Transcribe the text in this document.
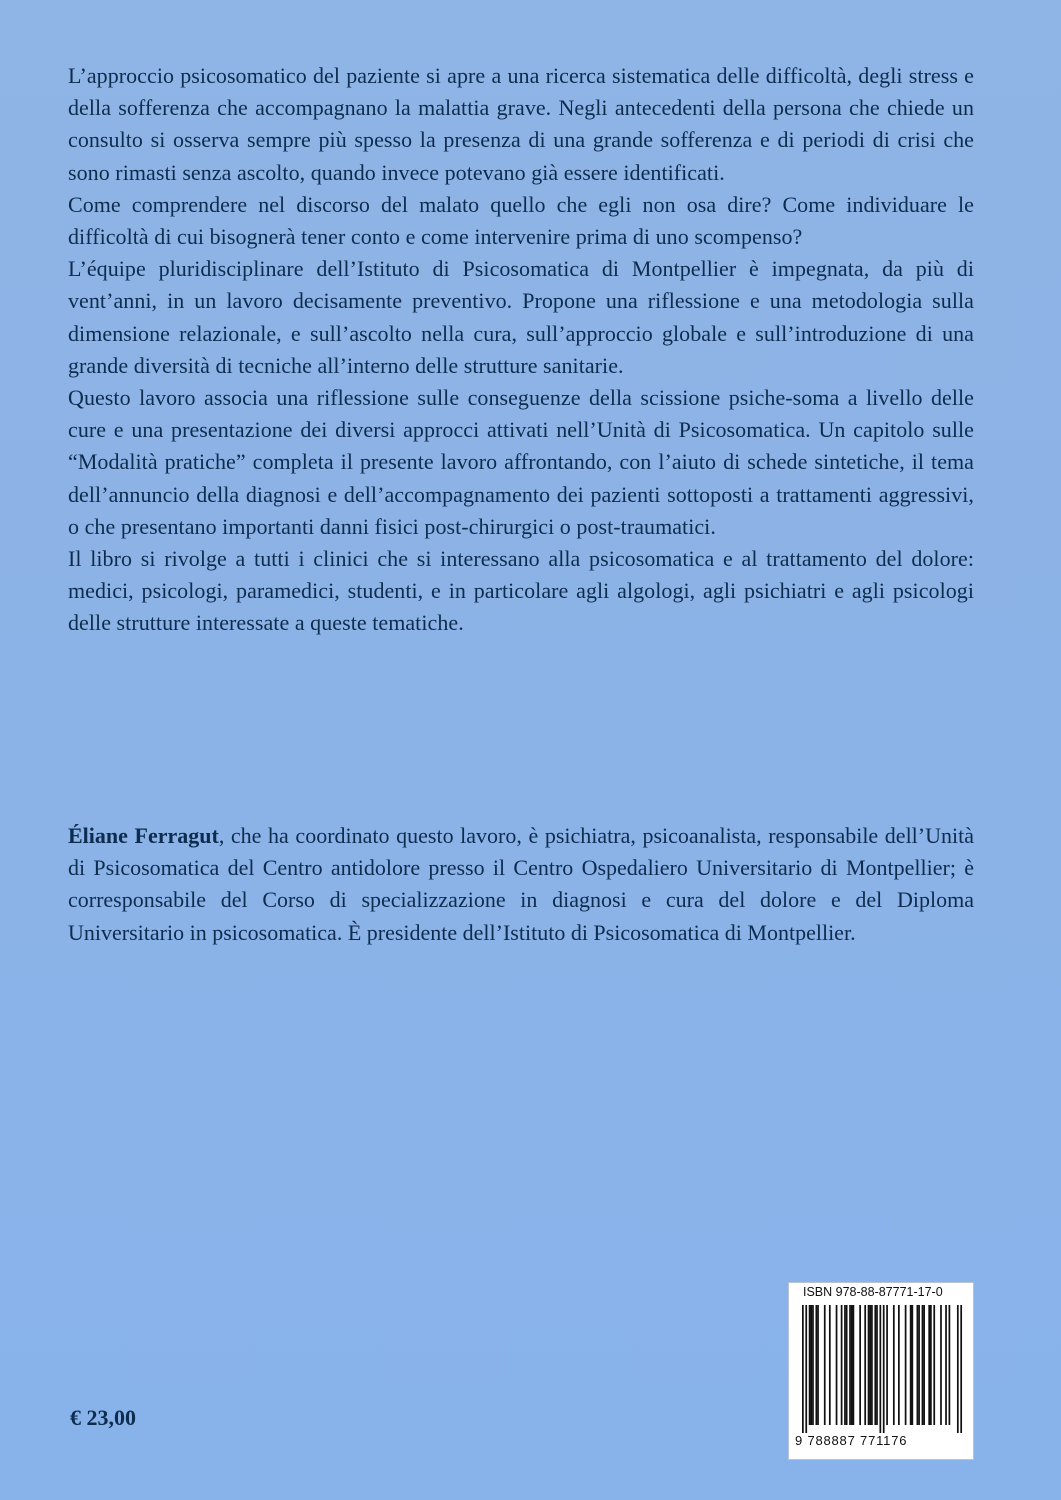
L’approccio psicosomatico del paziente si apre a una ricerca sistematica delle difficoltà, degli stress e della sofferenza che accompagnano la malattia grave. Negli antecedenti della persona che chiede un consulto si osserva sempre più spesso la presenza di una grande sofferenza e di periodi di crisi che sono rimasti senza ascolto, quando invece potevano già essere identificati.

Come comprendere nel discorso del malato quello che egli non osa dire? Come individuare le difficoltà di cui bisognerà tener conto e come intervenire prima di uno scompenso?

L’équipe pluridisciplinare dell’Istituto di Psicosomatica di Montpellier è impegnata, da più di vent’anni, in un lavoro decisamente preventivo. Propone una riflessione e una metodologia sulla dimensione relazionale, e sull’ascolto nella cura, sull’approccio globale e sull’introduzione di una grande diversità di tecniche all’interno delle strutture sanitarie.

Questo lavoro associa una riflessione sulle conseguenze della scissione psiche-soma a livello delle cure e una presentazione dei diversi approcci attivati nell’Unità di Psicosomatica. Un capitolo sulle “Modalità pratiche” completa il presente lavoro affrontando, con l’aiuto di schede sintetiche, il tema dell’annuncio della diagnosi e dell’accompagnamento dei pazienti sottoposti a trattamenti aggressivi, o che presentano importanti danni fisici post-chirurgici o post-traumatici.

Il libro si rivolge a tutti i clinici che si interessano alla psicosomatica e al trattamento del dolore: medici, psicologi, paramedici, studenti, e in particolare agli algologi, agli psichiatri e agli psicologi delle strutture interessate a queste tematiche.

Éliane Ferragut, che ha coordinato questo lavoro, è psichiatra, psicoanalista, responsabile dell’Unità di Psicosomatica del Centro antidolore presso il Centro Ospedaliero Universitario di Montpellier; è corresponsabile del Corso di specializzazione in diagnosi e cura del dolore e del Diploma Universitario in psicosomatica. È presidente dell’Istituto di Psicosomatica di Montpellier.

€ 23,00
ISBN 978-88-87771-17-0
9 788887 771176
